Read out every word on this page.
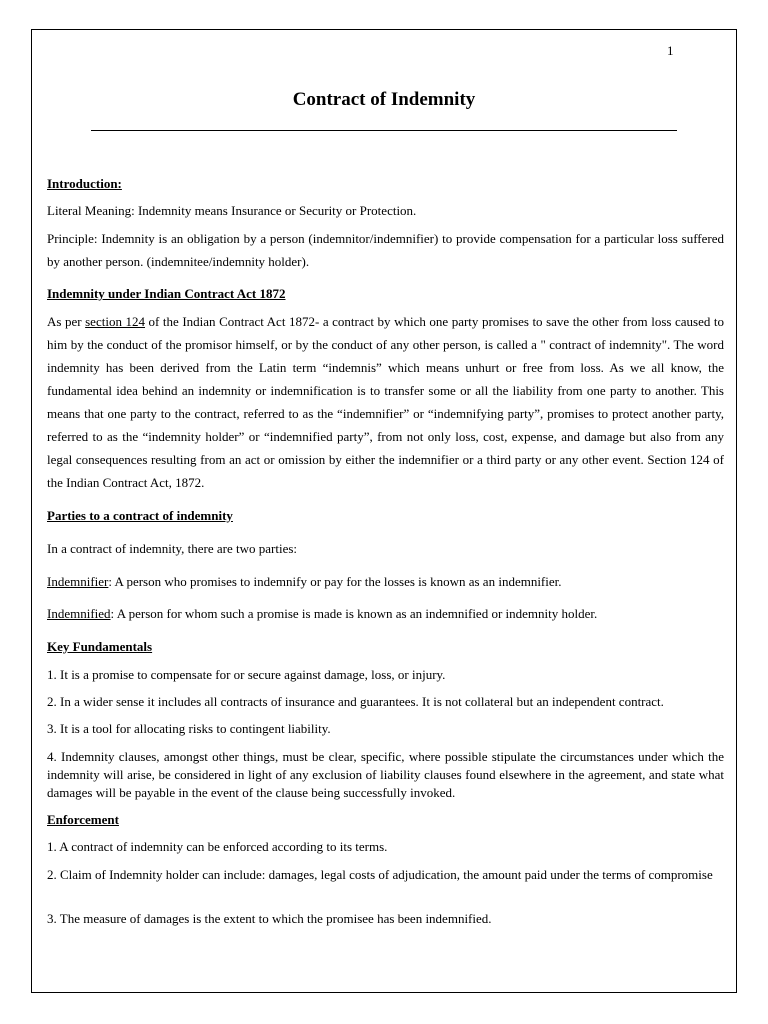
1
Contract of Indemnity
Introduction:

Literal Meaning: Indemnity means Insurance or Security or Protection.

Principle: Indemnity is an obligation by a person (indemnitor/indemnifier) to provide compensation for a particular loss suffered by another person. (indemnitee/indemnity holder).

Indemnity under Indian Contract Act 1872

As per section 124 of the Indian Contract Act 1872- a contract by which one party promises to save the other from loss caused to him by the conduct of the promisor himself, or by the conduct of any other person, is called a " contract of indemnity". The word indemnity has been derived from the Latin term “indemnis” which means unhurt or free from loss. As we all know, the fundamental idea behind an indemnity or indemnification is to transfer some or all the liability from one party to another. This means that one party to the contract, referred to as the “indemnifier” or “indemnifying party”, promises to protect another party, referred to as the “indemnity holder” or “indemnified party”, from not only loss, cost, expense, and damage but also from any legal consequences resulting from an act or omission by either the indemnifier or a third party or any other event. Section 124 of the Indian Contract Act, 1872.

Parties to a contract of indemnity

In a contract of indemnity, there are two parties:

Indemnifier: A person who promises to indemnify or pay for the losses is known as an indemnifier.

Indemnified: A person for whom such a promise is made is known as an indemnified or indemnity holder.

Key Fundamentals

1. It is a promise to compensate for or secure against damage, loss, or injury.

2. In a wider sense it includes all contracts of insurance and guarantees. It is not collateral but an independent contract.

3. It is a tool for allocating risks to contingent liability.

4. Indemnity clauses, amongst other things, must be clear, specific, where possible stipulate the circumstances under which the indemnity will arise, be considered in light of any exclusion of liability clauses found elsewhere in the agreement, and state what damages will be payable in the event of the clause being successfully invoked.

Enforcement

1. A contract of indemnity can be enforced according to its terms.

2. Claim of Indemnity holder can include: damages, legal costs of adjudication, the amount paid under the terms of compromise

3. The measure of damages is the extent to which the promisee has been indemnified.
